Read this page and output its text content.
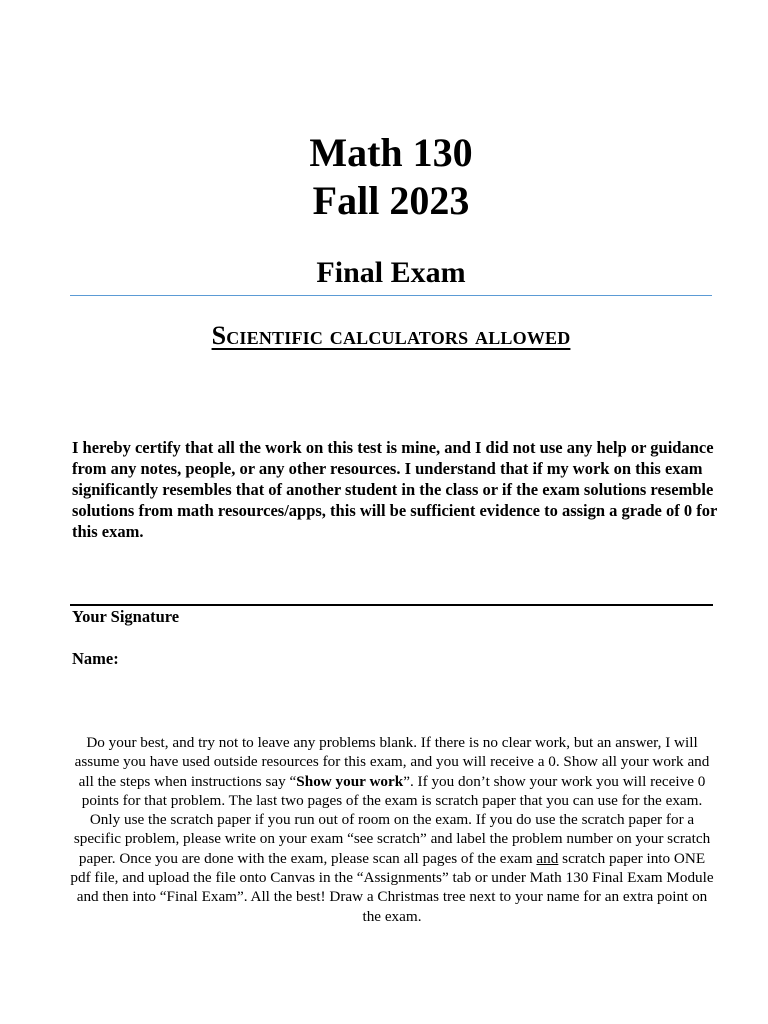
Math 130
Fall 2023
Final Exam
Scientific calculators allowed

I hereby certify that all the work on this test is mine, and I did not use any help or guidance from any notes, people, or any other resources. I understand that if my work on this exam significantly resembles that of another student in the class or if the exam solutions resemble solutions from math resources/apps, this will be sufficient evidence to assign a grade of 0 for this exam.

Your Signature
Name:

Do your best, and try not to leave any problems blank. If there is no clear work, but an answer, I will assume you have used outside resources for this exam, and you will receive a 0. Show all your work and all the steps when instructions say “Show your work”. If you don’t show your work you will receive 0 points for that problem. The last two pages of the exam is scratch paper that you can use for the exam. Only use the scratch paper if you run out of room on the exam. If you do use the scratch paper for a specific problem, please write on your exam “see scratch” and label the problem number on your scratch paper. Once you are done with the exam, please scan all pages of the exam and scratch paper into ONE pdf file, and upload the file onto Canvas in the “Assignments” tab or under Math 130 Final Exam Module and then into “Final Exam”. All the best! Draw a Christmas tree next to your name for an extra point on the exam.
